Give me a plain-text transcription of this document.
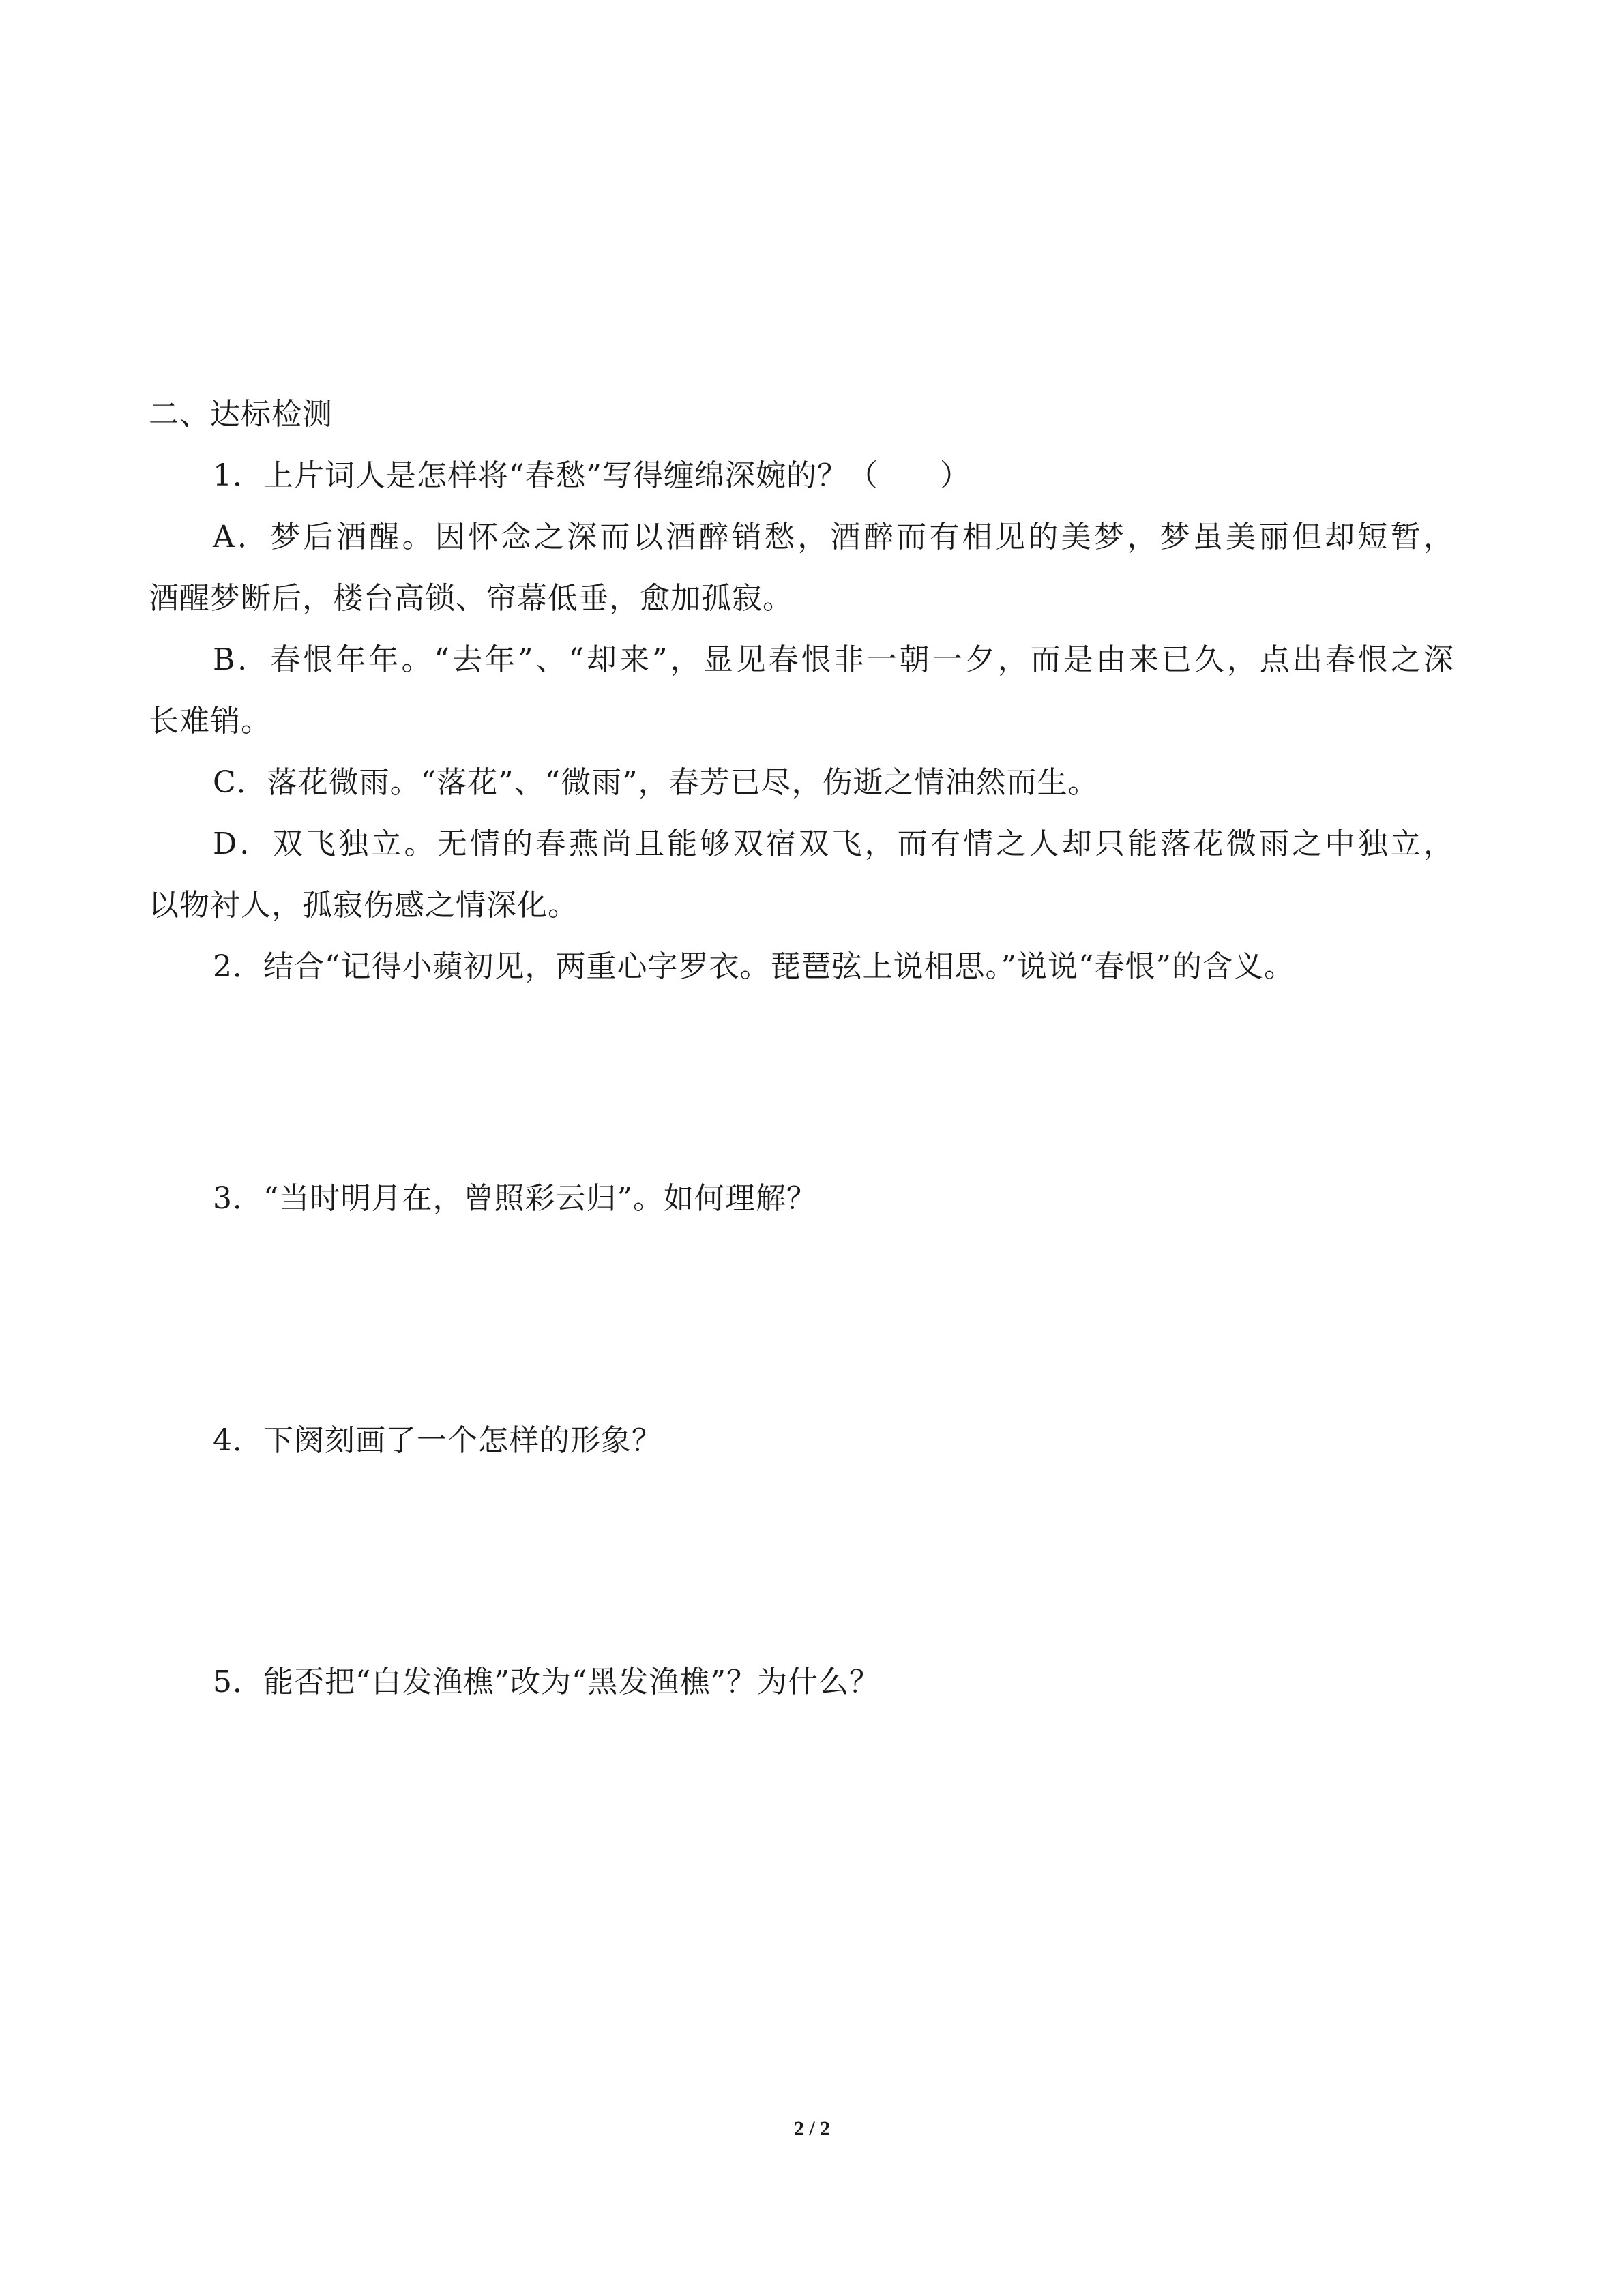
二、达标检测
1．上片词人是怎样将“春愁”写得缠绵深婉的？（　　）
A．梦后酒醒。因怀念之深而以酒醉销愁，酒醉而有相见的美梦，梦虽美丽但却短暂，
酒醒梦断后，楼台高锁、帘幕低垂，愈加孤寂。
B．春恨年年。“去年”、“却来”，显见春恨非一朝一夕，而是由来已久，点出春恨之深
长难销。
C．落花微雨。“落花”、“微雨”，春芳已尽，伤逝之情油然而生。
D．双飞独立。无情的春燕尚且能够双宿双飞，而有情之人却只能落花微雨之中独立，
以物衬人，孤寂伤感之情深化。
2．结合“记得小蘋初见，两重心字罗衣。琵琶弦上说相思。”说说“春恨”的含义。
3．“当时明月在，曾照彩云归”。如何理解？
4．下阕刻画了一个怎样的形象？
5．能否把“白发渔樵”改为“黑发渔樵”？为什么？
2 / 2
